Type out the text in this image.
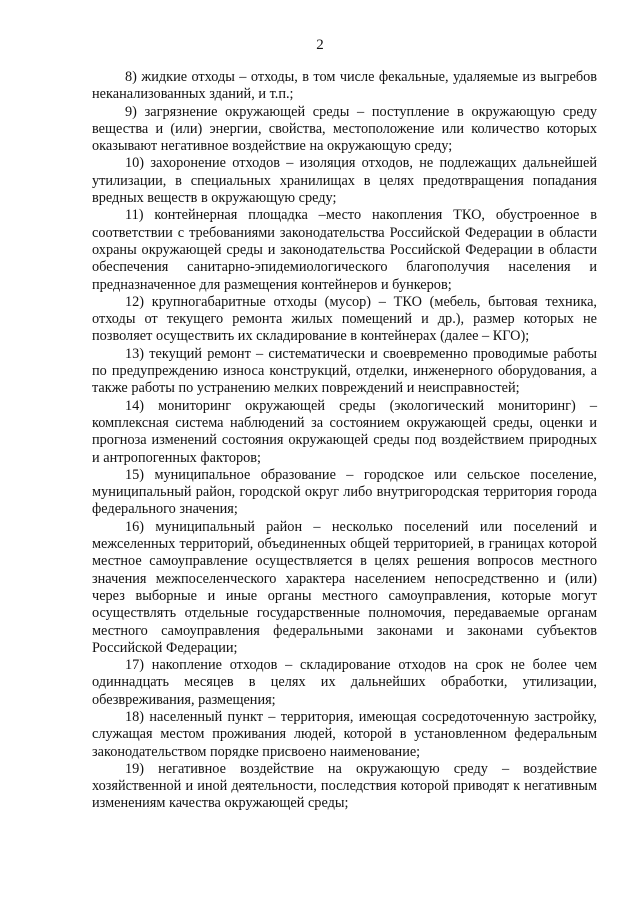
2

8) жидкие отходы – отходы, в том числе фекальные, удаляемые из выгребов неканализованных зданий, и т.п.;

9) загрязнение окружающей среды – поступление в окружающую среду вещества и (или) энергии, свойства, местоположение или количество которых оказывают негативное воздействие на окружающую среду;

10) захоронение отходов – изоляция отходов, не подлежащих дальнейшей утилизации, в специальных хранилищах в целях предотвращения попадания вредных веществ в окружающую среду;

11) контейнерная площадка –место накопления ТКО, обустроенное в соответствии с требованиями законодательства Российской Федерации в области охраны окружающей среды и законодательства Российской Федерации в области обеспечения санитарно-эпидемиологического благополучия населения и предназначенное для размещения контейнеров и бункеров;

12) крупногабаритные отходы (мусор) – ТКО (мебель, бытовая техника, отходы от текущего ремонта жилых помещений и др.), размер которых не позволяет осуществить их складирование в контейнерах (далее – КГО);

13) текущий ремонт – систематически и своевременно проводимые работы по предупреждению износа конструкций, отделки, инженерного оборудования, а также работы по устранению мелких повреждений и неисправностей;

14) мониторинг окружающей среды (экологический мониторинг) – комплексная система наблюдений за состоянием окружающей среды, оценки и прогноза изменений состояния окружающей среды под воздействием природных и антропогенных факторов;

15) муниципальное образование – городское или сельское поселение, муниципальный район, городской округ либо внутригородская территория города федерального значения;

16) муниципальный район – несколько поселений или поселений и межселенных территорий, объединенных общей территорией, в границах которой местное самоуправление осуществляется в целях решения вопросов местного значения межпоселенческого характера населением непосредственно и (или) через выборные и иные органы местного самоуправления, которые могут осуществлять отдельные государственные полномочия, передаваемые органам местного самоуправления федеральными законами и законами субъектов Российской Федерации;

17) накопление отходов – складирование отходов на срок не более чем одиннадцать месяцев в целях их дальнейших обработки, утилизации, обезвреживания, размещения;

18) населенный пункт – территория, имеющая сосредоточенную застройку, служащая местом проживания людей, которой в установленном федеральным законодательством порядке присвоено наименование;

19) негативное воздействие на окружающую среду – воздействие хозяйственной и иной деятельности, последствия которой приводят к негативным изменениям качества окружающей среды;
